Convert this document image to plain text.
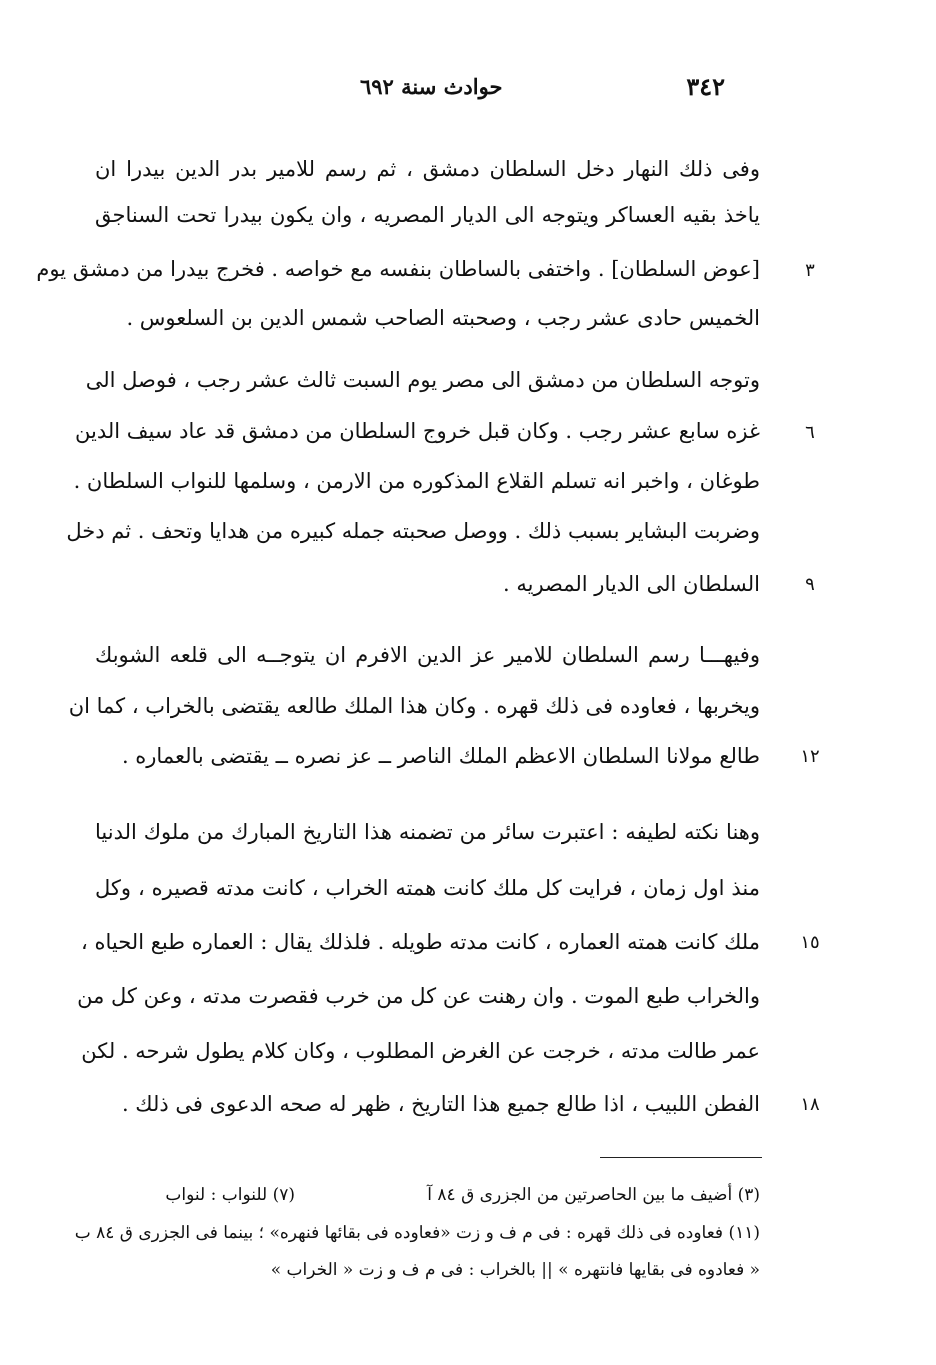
٣٤٢
حوادث سنة ٦٩٢
وفى ذلك النهار دخل السلطان دمشق ، ثم رسم للامير بدر الدين بيدرا ان
ياخذ بقيه العساكر ويتوجه الى الديار المصريه ، وان يكون بيدرا تحت السناجق
[عوض السلطان] . واختفى بالساطان بنفسه مع خواصه . فخرج بيدرا من دمشق يوم
الخميس حادى عشر رجب ، وصحبته الصاحب شمس الدين بن السلعوس .
وتوجه السلطان من دمشق الى مصر يوم السبت ثالث عشر رجب ، فوصل الى
غزه سابع عشر رجب . وكان قبل خروج السلطان من دمشق قد عاد سيف الدين
طوغان ، واخبر انه تسلم القلاع المذكوره من الارمن ، وسلمها للنواب السلطان .
وضربت البشاير بسبب ذلك . ووصل صحبته جمله كبيره من هدايا وتحف . ثم دخل
السلطان الى الديار المصريه .
وفيهـــا رسم السلطان للامير عز الدين الافرم ان يتوجــه الى قلعه الشوبك
ويخربها ، فعاوده فى ذلك قهره . وكان هذا الملك طالعه يقتضى بالخراب ، كما ان
طالع مولانا السلطان الاعظم الملك الناصر ــ عز نصره ــ يقتضى بالعماره .
وهنا نكته لطيفه : اعتبرت سائر من تضمنه هذا التاريخ المبارك من ملوك الدنيا
منذ اول زمان ، فرايت كل ملك كانت همته الخراب ، كانت مدته قصيره ، وكل
ملك كانت همته العماره ، كانت مدته طويله . فلذلك يقال : العماره طبع الحياه ،
والخراب طبع الموت . وان رهنت عن كل من خرب فقصرت مدته ، وعن كل من
عمر طالت مدته ، خرجت عن الغرض المطلوب ، وكان كلام يطول شرحه . لكن
الفطن اللبيب ، اذا طالع جميع هذا التاريخ ، ظهر له صحه الدعوى فى ذلك .
٣
٦
٩
١٢
١٥
١٨
(٣) أضيف ما بين الحاصرتين من الجزرى ق ٨٤ آ
(٧) للنواب : لنواب
(١١) فعاوده فى ذلك قهره : فى م ف و زت «فعاوده فى بقائها فنهره» ؛ بينما فى الجزرى ق ٨٤ ب
« فعادوه فى بقايها فانتهره » || بالخراب : فى م ف و زت « الخراب »
